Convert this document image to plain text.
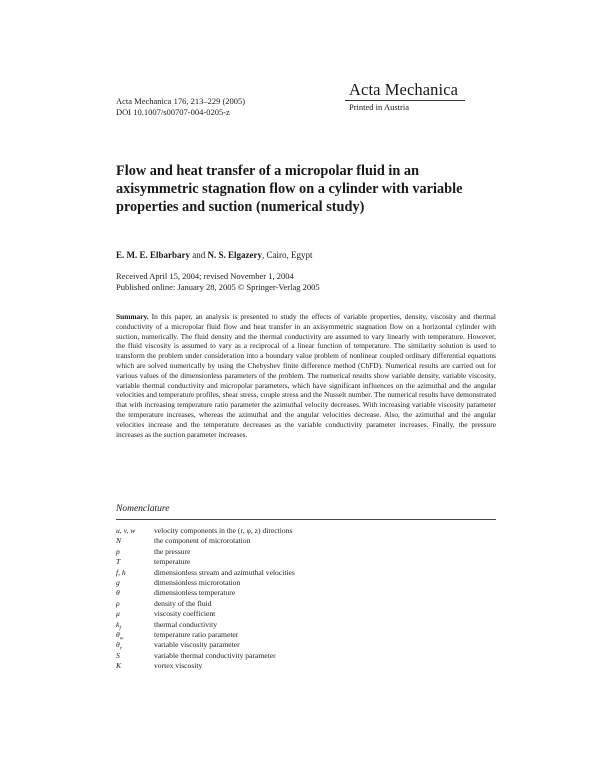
Acta Mechanica
Printed in Austria
Acta Mechanica 176, 213–229 (2005)
DOI 10.1007/s00707-004-0205-z
Flow and heat transfer of a micropolar fluid in an axisymmetric stagnation flow on a cylinder with variable properties and suction (numerical study)
E. M. E. Elbarbary and N. S. Elgazery, Cairo, Egypt
Received April 15, 2004; revised November 1, 2004
Published online: January 28, 2005 © Springer-Verlag 2005

Summary. In this paper, an analysis is presented to study the effects of variable properties, density, viscosity and thermal conductivity of a micropolar fluid flow and heat transfer in an axisymmetric stagnation flow on a horizontal cylinder with suction, numerically. The fluid density and the thermal conductivity are assumed to vary linearly with temperature. However, the fluid viscosity is assumed to vary as a reciprocal of a linear function of temperature. The similarity solution is used to transform the problem under consideration into a boundary value problem of nonlinear coupled ordinary differential equations which are solved numerically by using the Chebyshev finite difference method (ChFD). Numerical results are carried out for various values of the dimensionless parameters of the problem. The numerical results show variable density, variable viscosity, variable thermal conductivity and micropolar parameters, which have significant influences on the azimuthal and the angular velocities and temperature profiles, shear stress, couple stress and the Nusselt number. The numerical results have demonstrated that with increasing temperature ratio parameter the azimuthal velocity decreases. With increasing variable viscosity parameter the temperature increases, whereas the azimuthal and the angular velocities decrease. Also, the azimuthal and the angular velocities increase and the temperature decreases as the variable conductivity parameter increases. Finally, the pressure increases as the suction parameter increases.

Nomenclature
u, v, w	velocity components in the (r, φ, z) directions
N	the component of microrotation
p	the pressure
T	temperature
f, h	dimensionless stream and azimuthal velocities
g	dimensionless microrotation
θ	dimensionless temperature
ρ	density of the fluid
μ	viscosity coefficient
$k_f$	thermal conductivity
$\theta_w$	temperature ratio parameter
$\theta_r$	variable viscosity parameter
S	variable thermal conductivity parameter
K	vortex viscosity
